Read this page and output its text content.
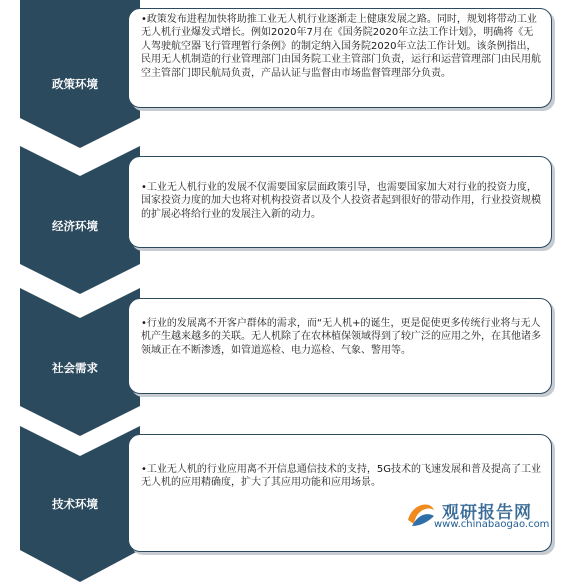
政策环境

•政策发布进程加快将助推工业无人机行业逐渐走上健康发展之路。同时，规划将带动工业无人机行业爆发式增长。例如2020年7月在《国务院2020年立法工作计划》，明确将《无人驾驶航空器飞行管理暂行条例》的制定纳入国务院2020年立法工作计划。该条例指出，民用无人机制造的行业管理部门由国务院工业主管部门负责，运行和运营管理部门由民用航空主管部门即民航局负责，产品认证与监督由市场监督管理部分负责。

经济环境

•工业无人机行业的发展不仅需要国家层面政策引导，也需要国家加大对行业的投资力度，国家投资力度的加大也将对机构投资者以及个人投资者起到很好的带动作用，行业投资规模的扩展必将给行业的发展注入新的动力。

社会需求

•行业的发展离不开客户群体的需求，而“无人机+的诞生，更是促使更多传统行业将与无人机产生越来越多的关联。无人机除了在农林植保领域得到了较广泛的应用之外，在其他诸多领域正在不断渗透，如管道巡检、电力巡检、气象、警用等。

技术环境

•工业无人机的行业应用离不开信息通信技术的支持，5G技术的飞速发展和普及提高了工业无人机的应用精确度，扩大了其应用功能和应用场景。

观研报告网
www.chinabaogao.com
